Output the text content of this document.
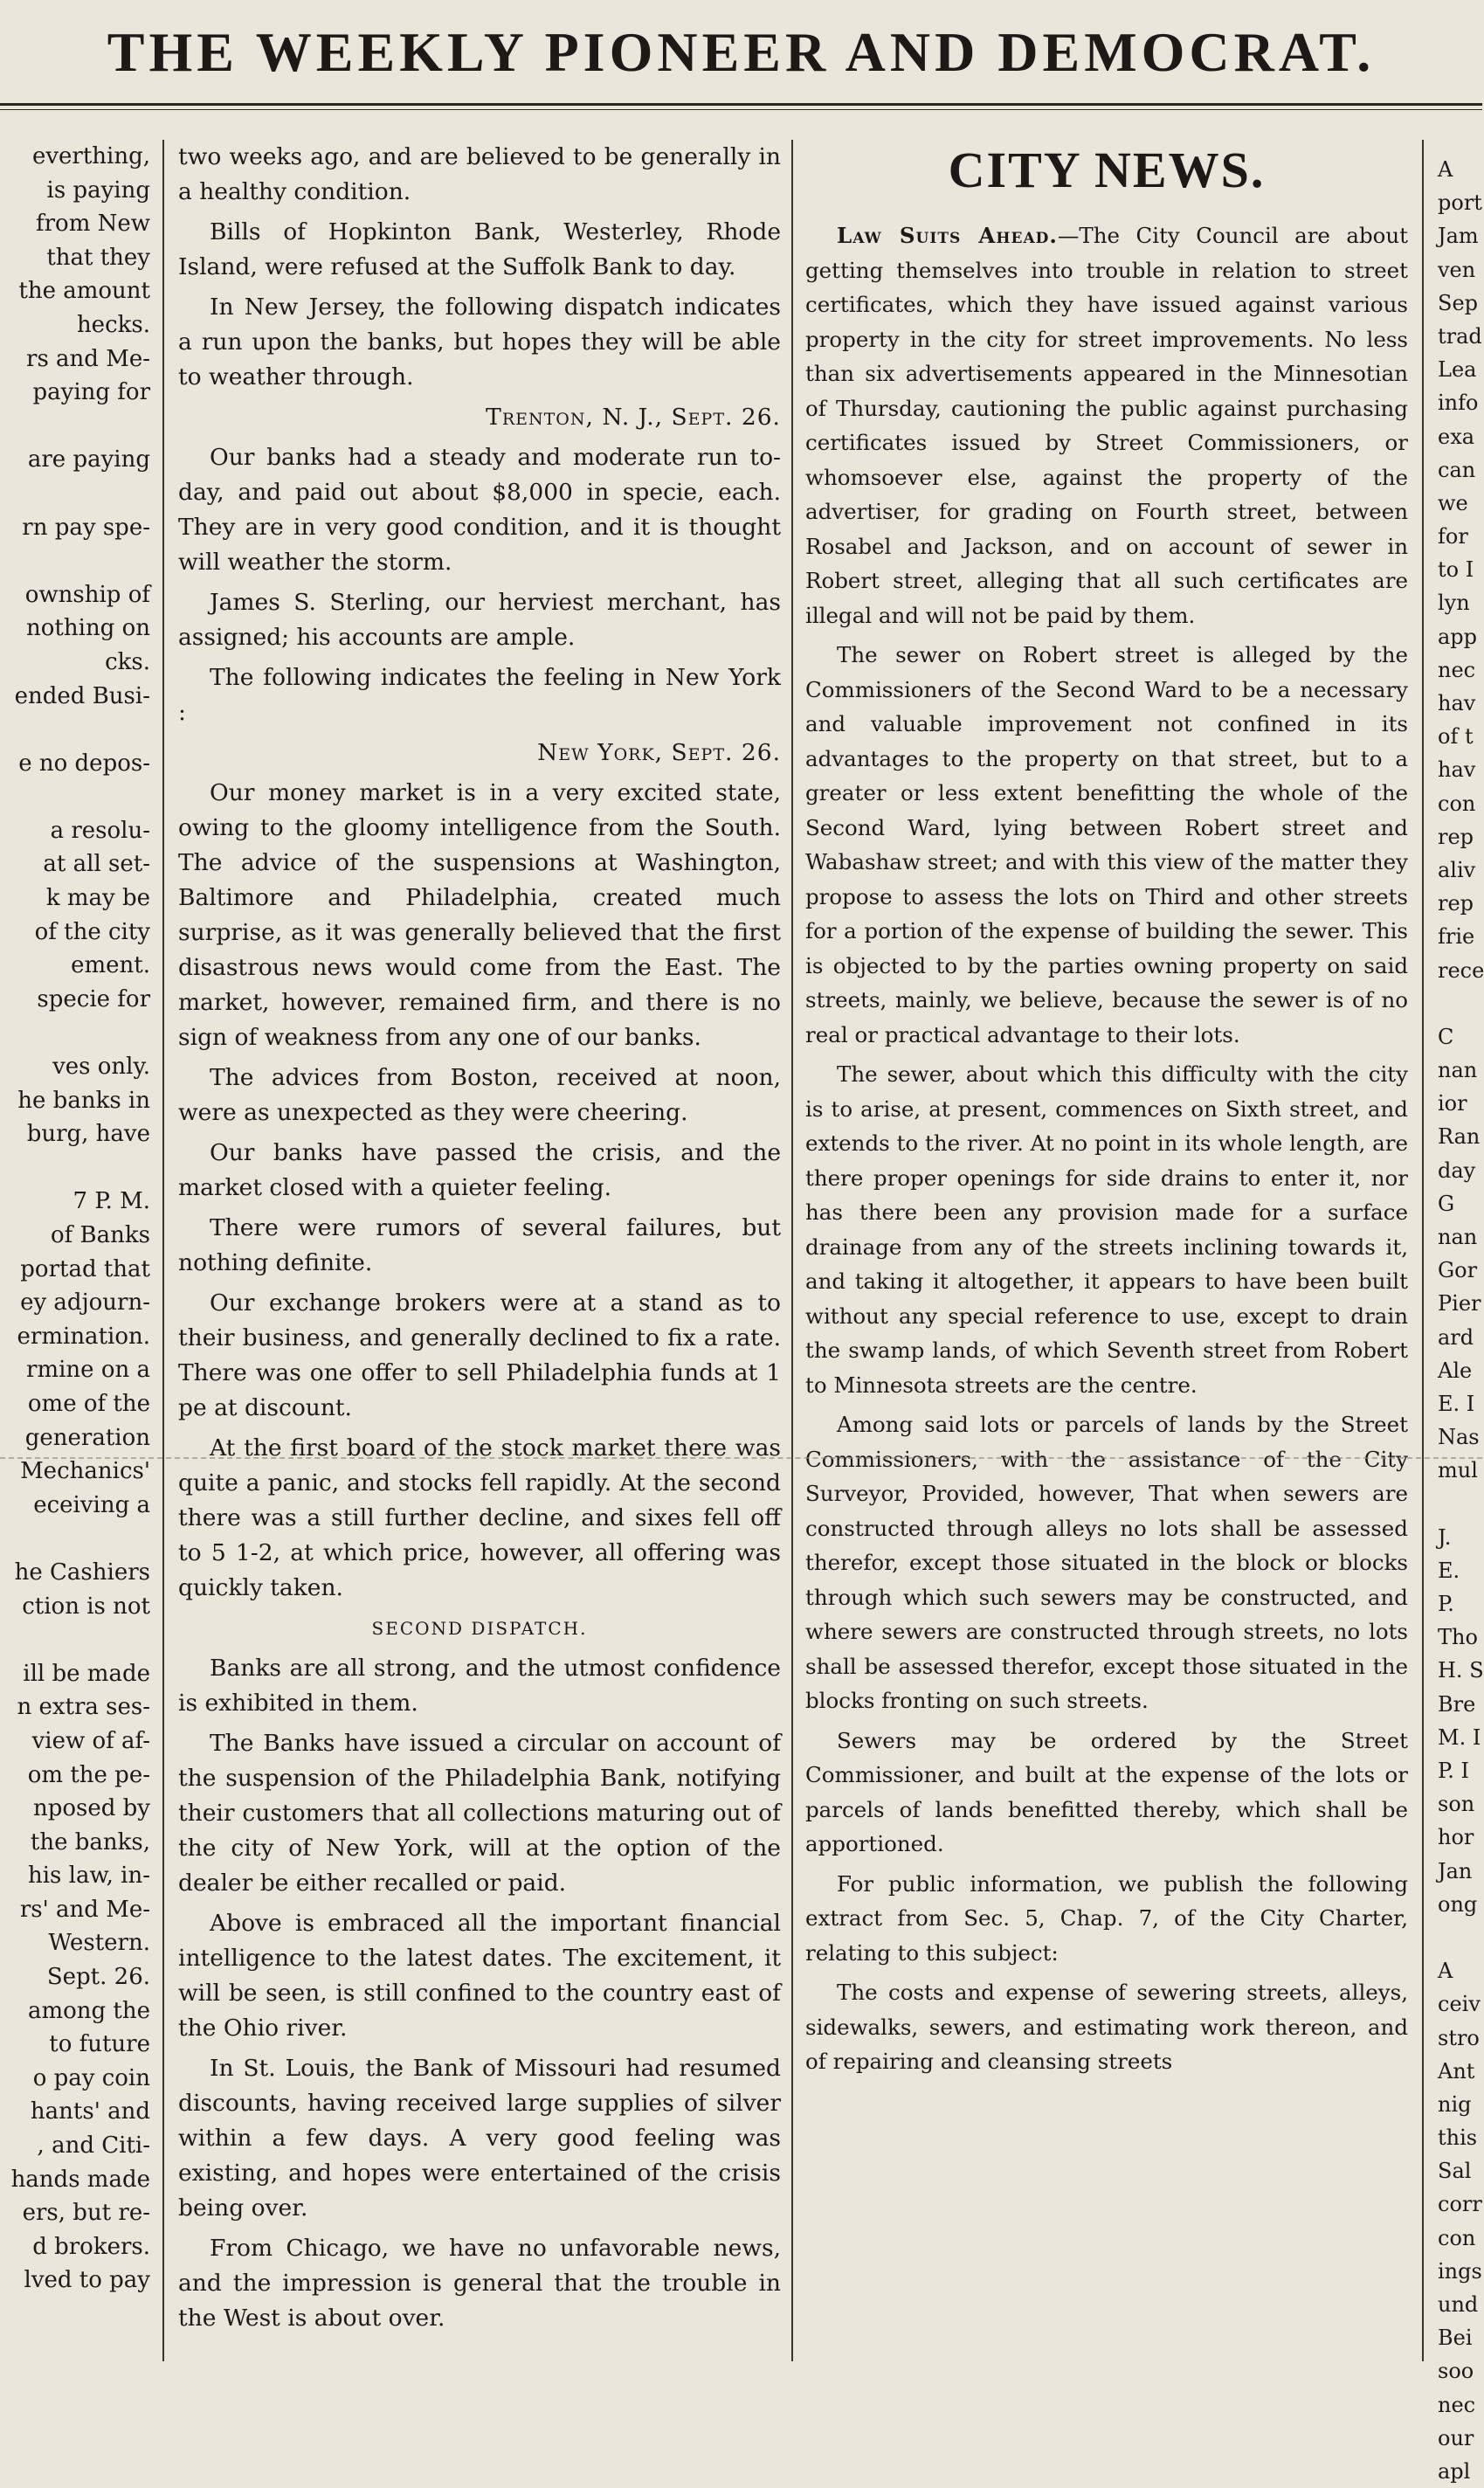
THE WEEKLY PIONEER AND DEMOCRAT.
everthing,
is paying
from New
that they
the amount
hecks.
rs and Me-
paying for
are paying
rn pay spe-
ownship of
nothing on
cks.
ended Busi-
e no depos-
a resolu-
at all set-
k may be
of the city
ement.
specie for
ves only.
he banks in
burg, have
7 P. M.
of Banks
portad that
ey adjourn-
ermination.
rmine on a
ome of the
generation
Mechanics'
eceiving a
he Cashiers
ction is not
ill be made
n extra ses-
view of af-
om the pe-
nposed by
the banks,
his law, in-
rs' and Me-
Western.
Sept. 26.
among the
to future
o pay coin
hants' and
, and Citi-
hands made
ers, but re-
d brokers.
lved to pay

two weeks ago, and are believed to be generally in a healthy condition.

Bills of Hopkinton Bank, Westerley, Rhode Island, were refused at the Suffolk Bank to day.

In New Jersey, the following dispatch indicates a run upon the banks, but hopes they will be able to weather through.

Trenton, N. J., Sept. 26.

Our banks had a steady and moderate run to-day, and paid out about $8,000 in specie, each. They are in very good condition, and it is thought will weather the storm.

James S. Sterling, our herviest merchant, has assigned; his accounts are ample.

The following indicates the feeling in New York :

New York, Sept. 26.

Our money market is in a very excited state, owing to the gloomy intelligence from the South. The advice of the suspensions at Washington, Baltimore and Philadelphia, created much surprise, as it was generally believed that the first disastrous news would come from the East. The market, however, remained firm, and there is no sign of weakness from any one of our banks.

The advices from Boston, received at noon, were as unexpected as they were cheering.

Our banks have passed the crisis, and the market closed with a quieter feeling.

There were rumors of several failures, but nothing definite.

Our exchange brokers were at a stand as to their business, and generally declined to fix a rate. There was one offer to sell Philadelphia funds at 1 pe at discount.

At the first board of the stock market there was quite a panic, and stocks fell rapidly. At the second there was a still further decline, and sixes fell off to 5 1-2, at which price, however, all offering was quickly taken.

SECOND DISPATCH.

Banks are all strong, and the utmost confidence is exhibited in them.

The Banks have issued a circular on account of the suspension of the Philadelphia Bank, notifying their customers that all collections maturing out of the city of New York, will at the option of the dealer be either recalled or paid.

Above is embraced all the important financial intelligence to the latest dates. The excitement, it will be seen, is still confined to the country east of the Ohio river.

In St. Louis, the Bank of Missouri had resumed discounts, having received large supplies of silver within a few days. A very good feeling was existing, and hopes were entertained of the crisis being over.

From Chicago, we have no unfavorable news, and the impression is general that the trouble in the West is about over.

CITY NEWS.

Law Suits Ahead.—The City Council are about getting themselves into trouble in relation to street certificates, which they have issued against various property in the city for street improvements. No less than six advertisements appeared in the Minnesotian of Thursday, cautioning the public against purchasing certificates issued by Street Commissioners, or whomsoever else, against the property of the advertiser, for grading on Fourth street, between Rosabel and Jackson, and on account of sewer in Robert street, alleging that all such certificates are illegal and will not be paid by them.

The sewer on Robert street is alleged by the Commissioners of the Second Ward to be a necessary and valuable improvement not confined in its advantages to the property on that street, but to a greater or less extent benefitting the whole of the Second Ward, lying between Robert street and Wabashaw street; and with this view of the matter they propose to assess the lots on Third and other streets for a portion of the expense of building the sewer. This is objected to by the parties owning property on said streets, mainly, we believe, because the sewer is of no real or practical advantage to their lots.

The sewer, about which this difficulty with the city is to arise, at present, commences on Sixth street, and extends to the river. At no point in its whole length, are there proper openings for side drains to enter it, nor has there been any provision made for a surface drainage from any of the streets inclining towards it, and taking it altogether, it appears to have been built without any special reference to use, except to drain the swamp lands, of which Seventh street from Robert to Minnesota streets are the centre.

Among said lots or parcels of lands by the Street Commissioners, with the assistance of the City Surveyor, Provided, however, That when sewers are constructed through alleys no lots shall be assessed therefor, except those situated in the block or blocks through which such sewers may be constructed, and where sewers are constructed through streets, no lots shall be assessed therefor, except those situated in the blocks fronting on such streets.

Sewers may be ordered by the Street Commissioner, and built at the expense of the lots or parcels of lands benefitted thereby, which shall be apportioned.

For public information, we publish the following extract from Sec. 5, Chap. 7, of the City Charter, relating to this subject:

The costs and expense of sewering streets, alleys, sidewalks, sewers, and estimating work thereon, and of repairing and cleansing streets

A
port
Jam
ven
Sep
trad
Lea
info
exa
can
we
for
to I
lyn
app
nec
hav
of t
hav
con
rep
aliv
rep
frie
rece
C
nan
ior
Ran
day
G
nan
Gor
Pier
ard
Ale
E. I
Nas
mul
J.
E.
P.
Tho
H. S
Bre
M. I
P. I
son
hor
Jan
ong
A
ceiv
stro
Ant
nig
this
Sal
corr
con
ings
und
Bei
soo
nec
our
apl
